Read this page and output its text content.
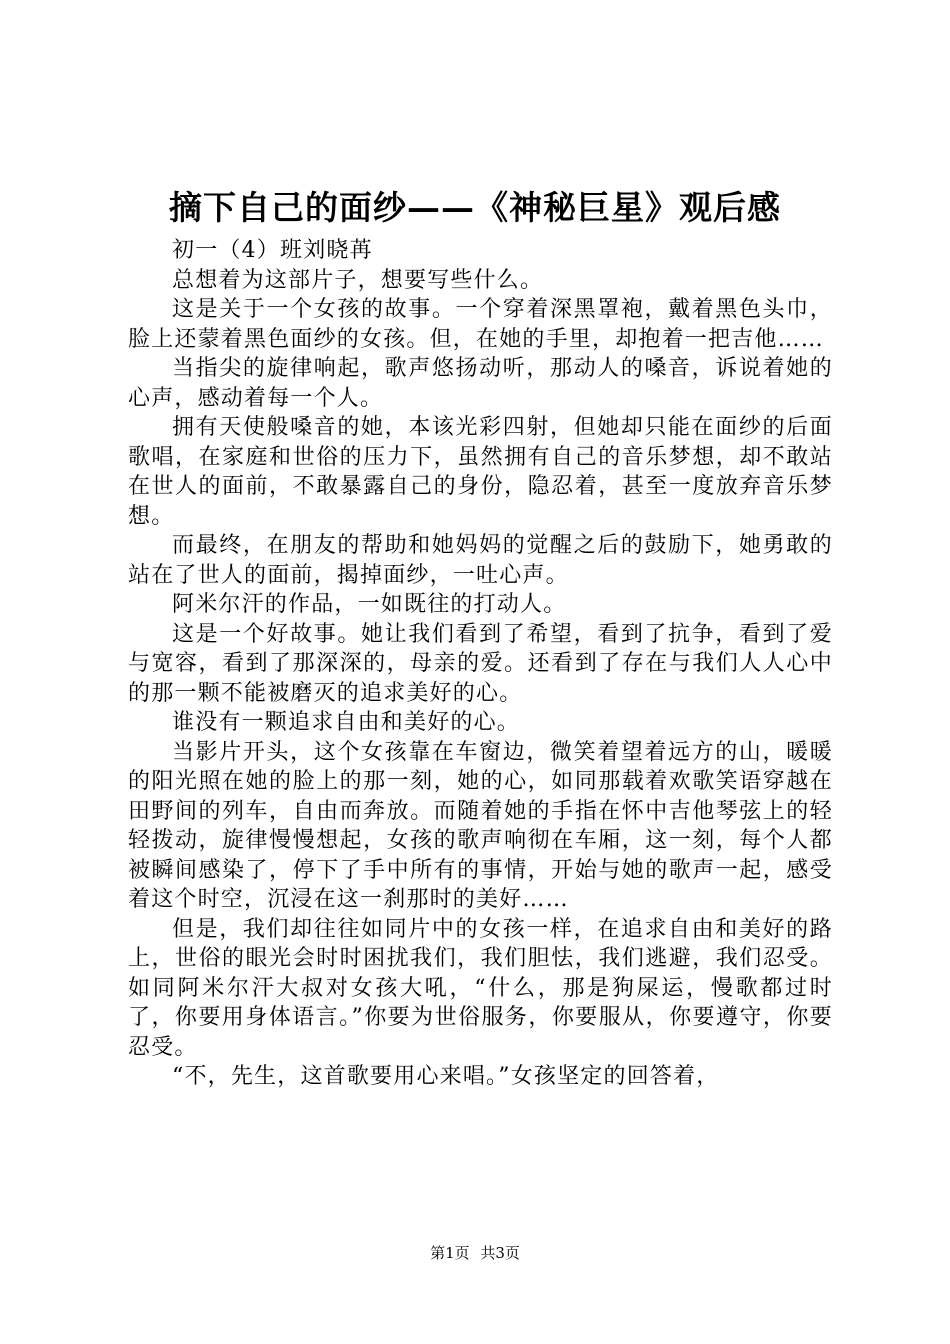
摘下自己的面纱——《神秘巨星》观后感

初一（4）班刘晓苒

总想着为这部片子，想要写些什么。

这是关于一个女孩的故事。一个穿着深黑罩袍，戴着黑色头巾，脸上还蒙着黑色面纱的女孩。但，在她的手里，却抱着一把吉他……

当指尖的旋律响起，歌声悠扬动听，那动人的嗓音，诉说着她的心声，感动着每一个人。

拥有天使般嗓音的她，本该光彩四射，但她却只能在面纱的后面歌唱，在家庭和世俗的压力下，虽然拥有自己的音乐梦想，却不敢站在世人的面前，不敢暴露自己的身份，隐忍着，甚至一度放弃音乐梦想。

而最终，在朋友的帮助和她妈妈的觉醒之后的鼓励下，她勇敢的站在了世人的面前，揭掉面纱，一吐心声。

阿米尔汗的作品，一如既往的打动人。

这是一个好故事。她让我们看到了希望，看到了抗争，看到了爱与宽容，看到了那深深的，母亲的爱。还看到了存在与我们人人心中的那一颗不能被磨灭的追求美好的心。

谁没有一颗追求自由和美好的心。

当影片开头，这个女孩靠在车窗边，微笑着望着远方的山，暖暖的阳光照在她的脸上的那一刻，她的心，如同那载着欢歌笑语穿越在田野间的列车，自由而奔放。而随着她的手指在怀中吉他琴弦上的轻轻拨动，旋律慢慢想起，女孩的歌声响彻在车厢，这一刻，每个人都被瞬间感染了，停下了手中所有的事情，开始与她的歌声一起，感受着这个时空，沉浸在这一刹那时的美好……

但是，我们却往往如同片中的女孩一样，在追求自由和美好的路上，世俗的眼光会时时困扰我们，我们胆怯，我们逃避，我们忍受。如同阿米尔汗大叔对女孩大吼，“什么，那是狗屎运，慢歌都过时了，你要用身体语言。”你要为世俗服务，你要服从，你要遵守，你要忍受。

“不，先生，这首歌要用心来唱。”女孩坚定的回答着，

第1页 共3页
